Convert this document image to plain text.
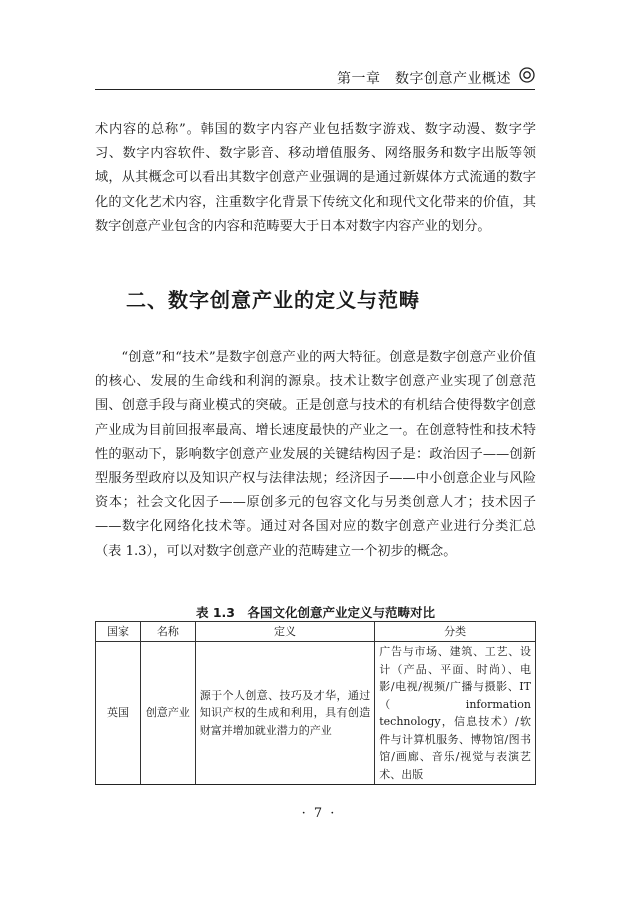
第一章　数字创意产业概述

术内容的总称”。韩国的数字内容产业包括数字游戏、数字动漫、数字学习、数字内容软件、数字影音、移动增值服务、网络服务和数字出版等领域，从其概念可以看出其数字创意产业强调的是通过新媒体方式流通的数字化的文化艺术内容，注重数字化背景下传统文化和现代文化带来的价值，其数字创意产业包含的内容和范畴要大于日本对数字内容产业的划分。

二、数字创意产业的定义与范畴

“创意”和“技术”是数字创意产业的两大特征。创意是数字创意产业价值的核心、发展的生命线和利润的源泉。技术让数字创意产业实现了创意范围、创意手段与商业模式的突破。正是创意与技术的有机结合使得数字创意产业成为目前回报率最高、增长速度最快的产业之一。在创意特性和技术特性的驱动下，影响数字创意产业发展的关键结构因子是：政治因子——创新型服务型政府以及知识产权与法律法规；经济因子——中小创意企业与风险资本；社会文化因子——原创多元的包容文化与另类创意人才；技术因子——数字化网络化技术等。通过对各国对应的数字创意产业进行分类汇总（表 1.3），可以对数字创意产业的范畴建立一个初步的概念。

表 1.3　各国文化创意产业定义与范畴对比
国家	名称	定义	分类
英国	创意产业	源于个人创意、技巧及才华，通过知识产权的生成和利用，具有创造财富并增加就业潜力的产业	广告与市场、建筑、工艺、设计（产品、平面、时尚）、电影/电视/视频/广播与摄影、IT（information technology，信息技术）/软件与计算机服务、博物馆/图书馆/画廊、音乐/视觉与表演艺术、出版
· 7 ·
